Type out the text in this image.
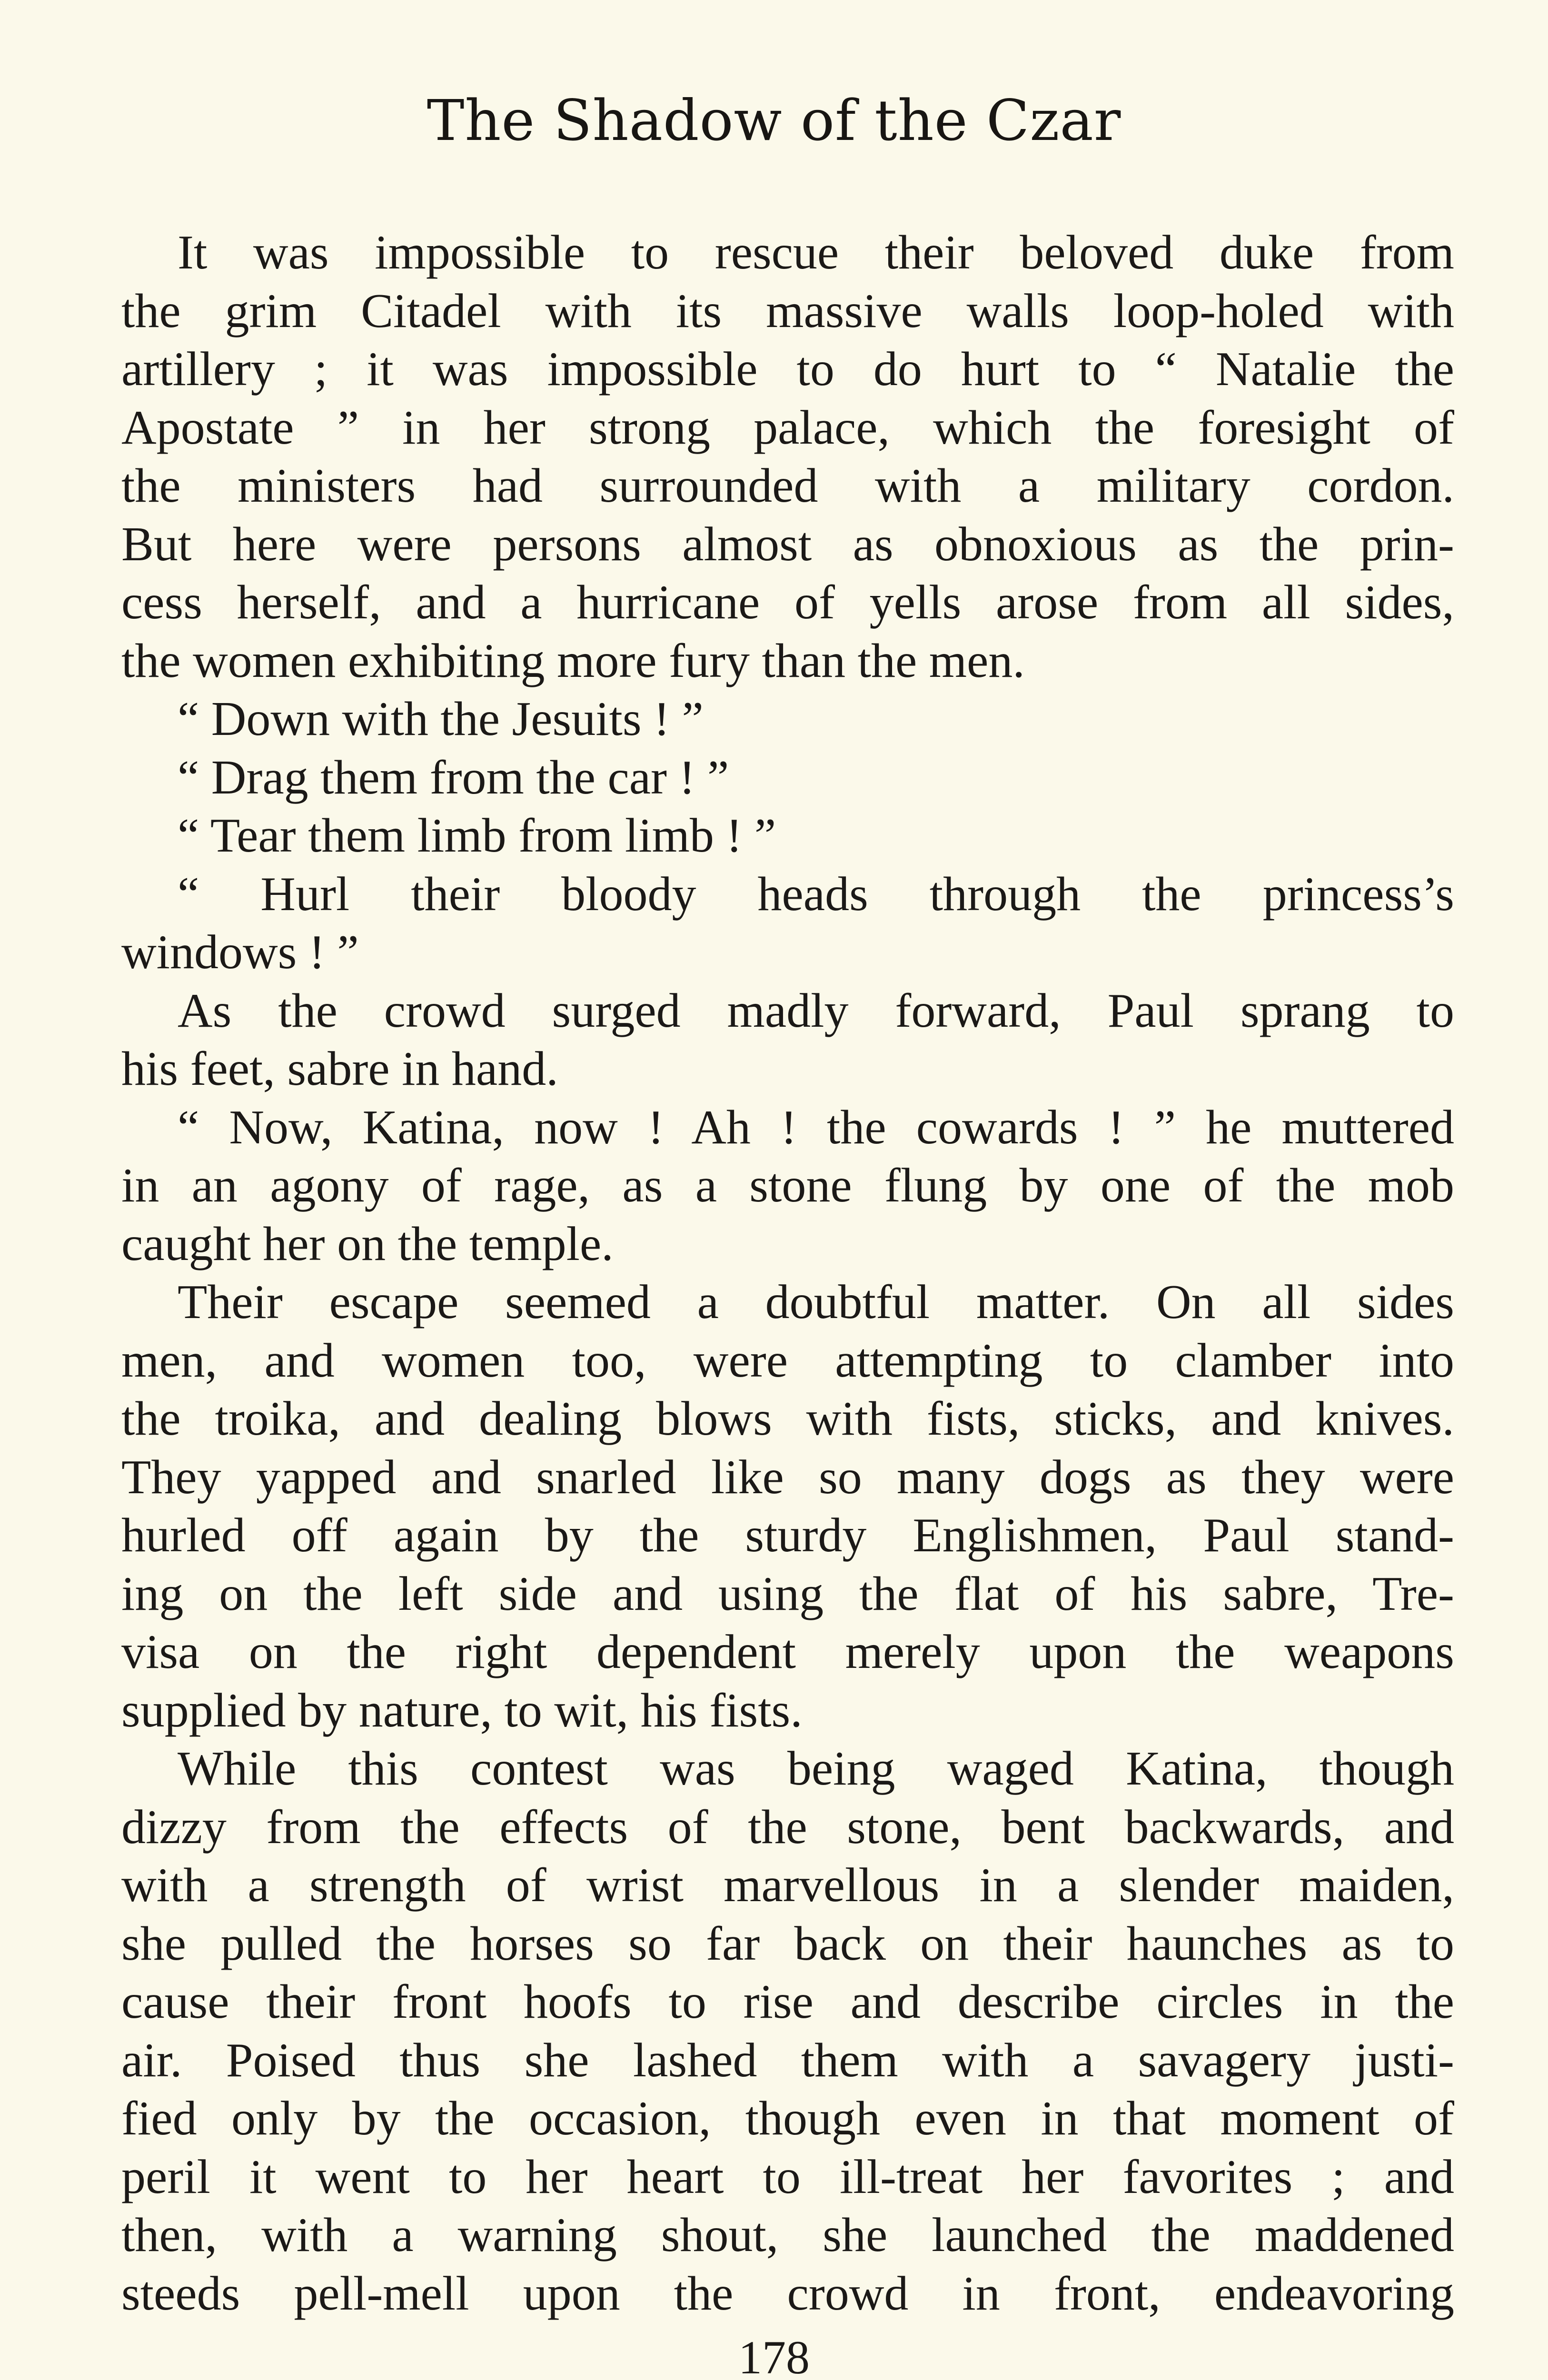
The Shadow of the Czar
It was impossible to rescue their beloved duke from
the grim Citadel with its massive walls loop-holed with
artillery ; it was impossible to do hurt to “ Natalie the
Apostate ” in her strong palace, which the foresight of
the ministers had surrounded with a military cordon.
But here were persons almost as obnoxious as the prin-
cess herself, and a hurricane of yells arose from all sides,
the women exhibiting more fury than the men.
“ Down with the Jesuits ! ”
“ Drag them from the car ! ”
“ Tear them limb from limb ! ”
“ Hurl their bloody heads through the princess’s
windows ! ”
As the crowd surged madly forward, Paul sprang to
his feet, sabre in hand.
“ Now, Katina, now ! Ah ! the cowards ! ” he muttered
in an agony of rage, as a stone flung by one of the mob
caught her on the temple.
Their escape seemed a doubtful matter. On all sides
men, and women too, were attempting to clamber into
the troika, and dealing blows with fists, sticks, and knives.
They yapped and snarled like so many dogs as they were
hurled off again by the sturdy Englishmen, Paul stand-
ing on the left side and using the flat of his sabre, Tre-
visa on the right dependent merely upon the weapons
supplied by nature, to wit, his fists.
While this contest was being waged Katina, though
dizzy from the effects of the stone, bent backwards, and
with a strength of wrist marvellous in a slender maiden,
she pulled the horses so far back on their haunches as to
cause their front hoofs to rise and describe circles in the
air. Poised thus she lashed them with a savagery justi-
fied only by the occasion, though even in that moment of
peril it went to her heart to ill-treat her favorites ; and
then, with a warning shout, she launched the maddened
steeds pell-mell upon the crowd in front, endeavoring
178
